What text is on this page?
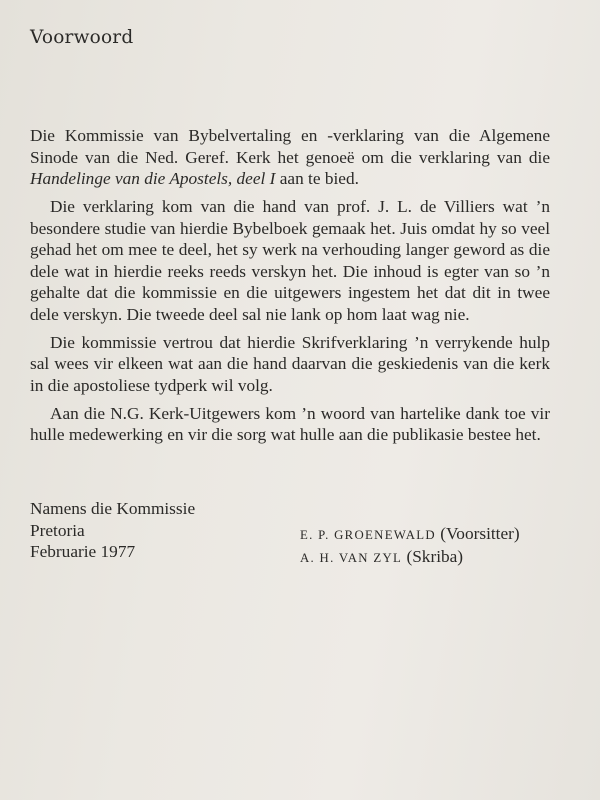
Voorwoord

Die Kommissie van Bybelvertaling en -verklaring van die Algemene Sinode van die Ned. Geref. Kerk het genoeë om die verklaring van die Handelinge van die Apostels, deel I aan te bied.

Die verklaring kom van die hand van prof. J. L. de Villiers wat ’n besondere studie van hierdie Bybelboek gemaak het. Juis omdat hy so veel gehad het om mee te deel, het sy werk na verhouding langer geword as die dele wat in hierdie reeks reeds verskyn het. Die inhoud is egter van so ’n gehalte dat die kommissie en die uitgewers ingestem het dat dit in twee dele verskyn. Die tweede deel sal nie lank op hom laat wag nie.

Die kommissie vertrou dat hierdie Skrifverklaring ’n verrykende hulp sal wees vir elkeen wat aan die hand daarvan die geskiedenis van die kerk in die apostoliese tydperk wil volg.

Aan die N.G. Kerk-Uitgewers kom ’n woord van hartelike dank toe vir hulle medewerking en vir die sorg wat hulle aan die publikasie bestee het.

Namens die Kommissie
Pretoria
Februarie 1977
E. P. GROENEWALD (Voorsitter)
A. H. VAN ZYL (Skriba)
